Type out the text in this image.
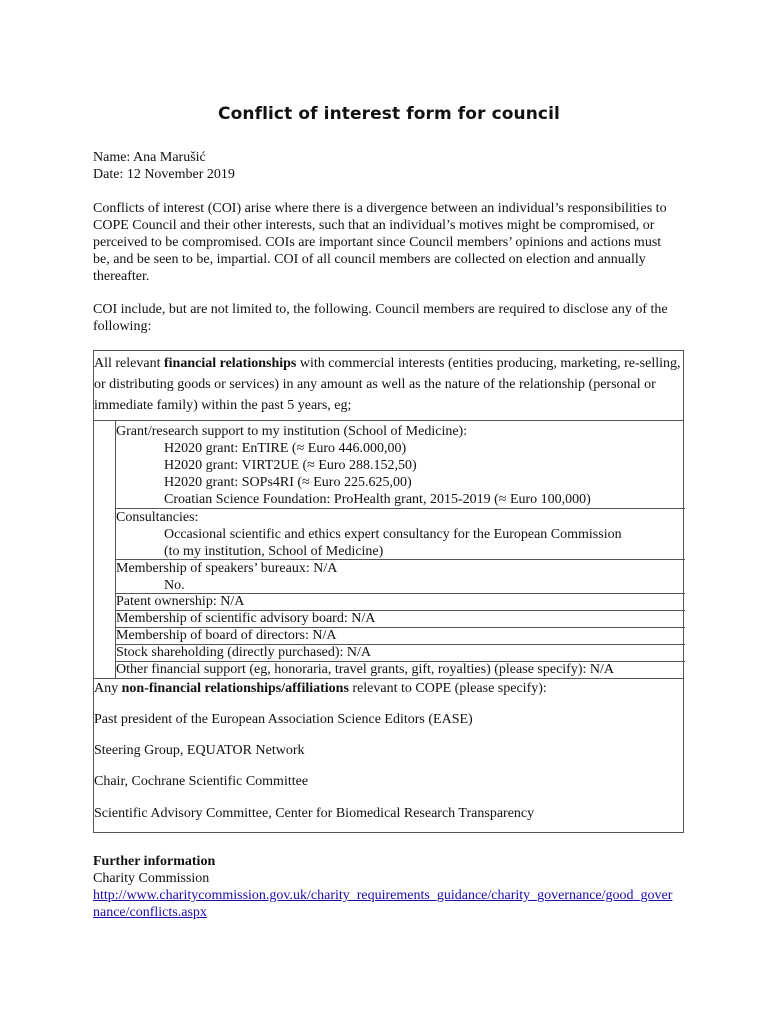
Conflict of interest form for council
Name: Ana Marušić
Date: 12 November 2019
Conflicts of interest (COI) arise where there is a divergence between an individual’s responsibilities to COPE Council and their other interests, such that an individual’s motives might be compromised, or perceived to be compromised. COIs are important since Council members’ opinions and actions must be, and be seen to be, impartial. COI of all council members are collected on election and annually thereafter.
COI include, but are not limited to, the following. Council members are required to disclose any of the following:
All relevant financial relationships with commercial interests (entities producing, marketing, re-selling, or distributing goods or services) in any amount as well as the nature of the relationship (personal or immediate family) within the past 5 years, eg;
Grant/research support to my institution (School of Medicine):
H2020 grant: EnTIRE (≈ Euro 446.000,00)
H2020 grant: VIRT2UE (≈ Euro 288.152,50)
H2020 grant: SOPs4RI (≈ Euro 225.625,00)
Croatian Science Foundation: ProHealth grant, 2015-2019 (≈ Euro 100,000)
Consultancies:
Occasional scientific and ethics expert consultancy for the European Commission
(to my institution, School of Medicine)
Membership of speakers’ bureaux: N/A
No.
Patent ownership: N/A
Membership of scientific advisory board: N/A
Membership of board of directors: N/A
Stock shareholding (directly purchased): N/A
Other financial support (eg, honoraria, travel grants, gift, royalties) (please specify): N/A
Any non-financial relationships/affiliations relevant to COPE (please specify):
Past president of the European Association Science Editors (EASE)
Steering Group, EQUATOR Network
Chair, Cochrane Scientific Committee
Scientific Advisory Committee, Center for Biomedical Research Transparency
Further information
Charity Commission
http://www.charitycommission.gov.uk/charity_requirements_guidance/charity_governance/good_governance/conflicts.aspx
